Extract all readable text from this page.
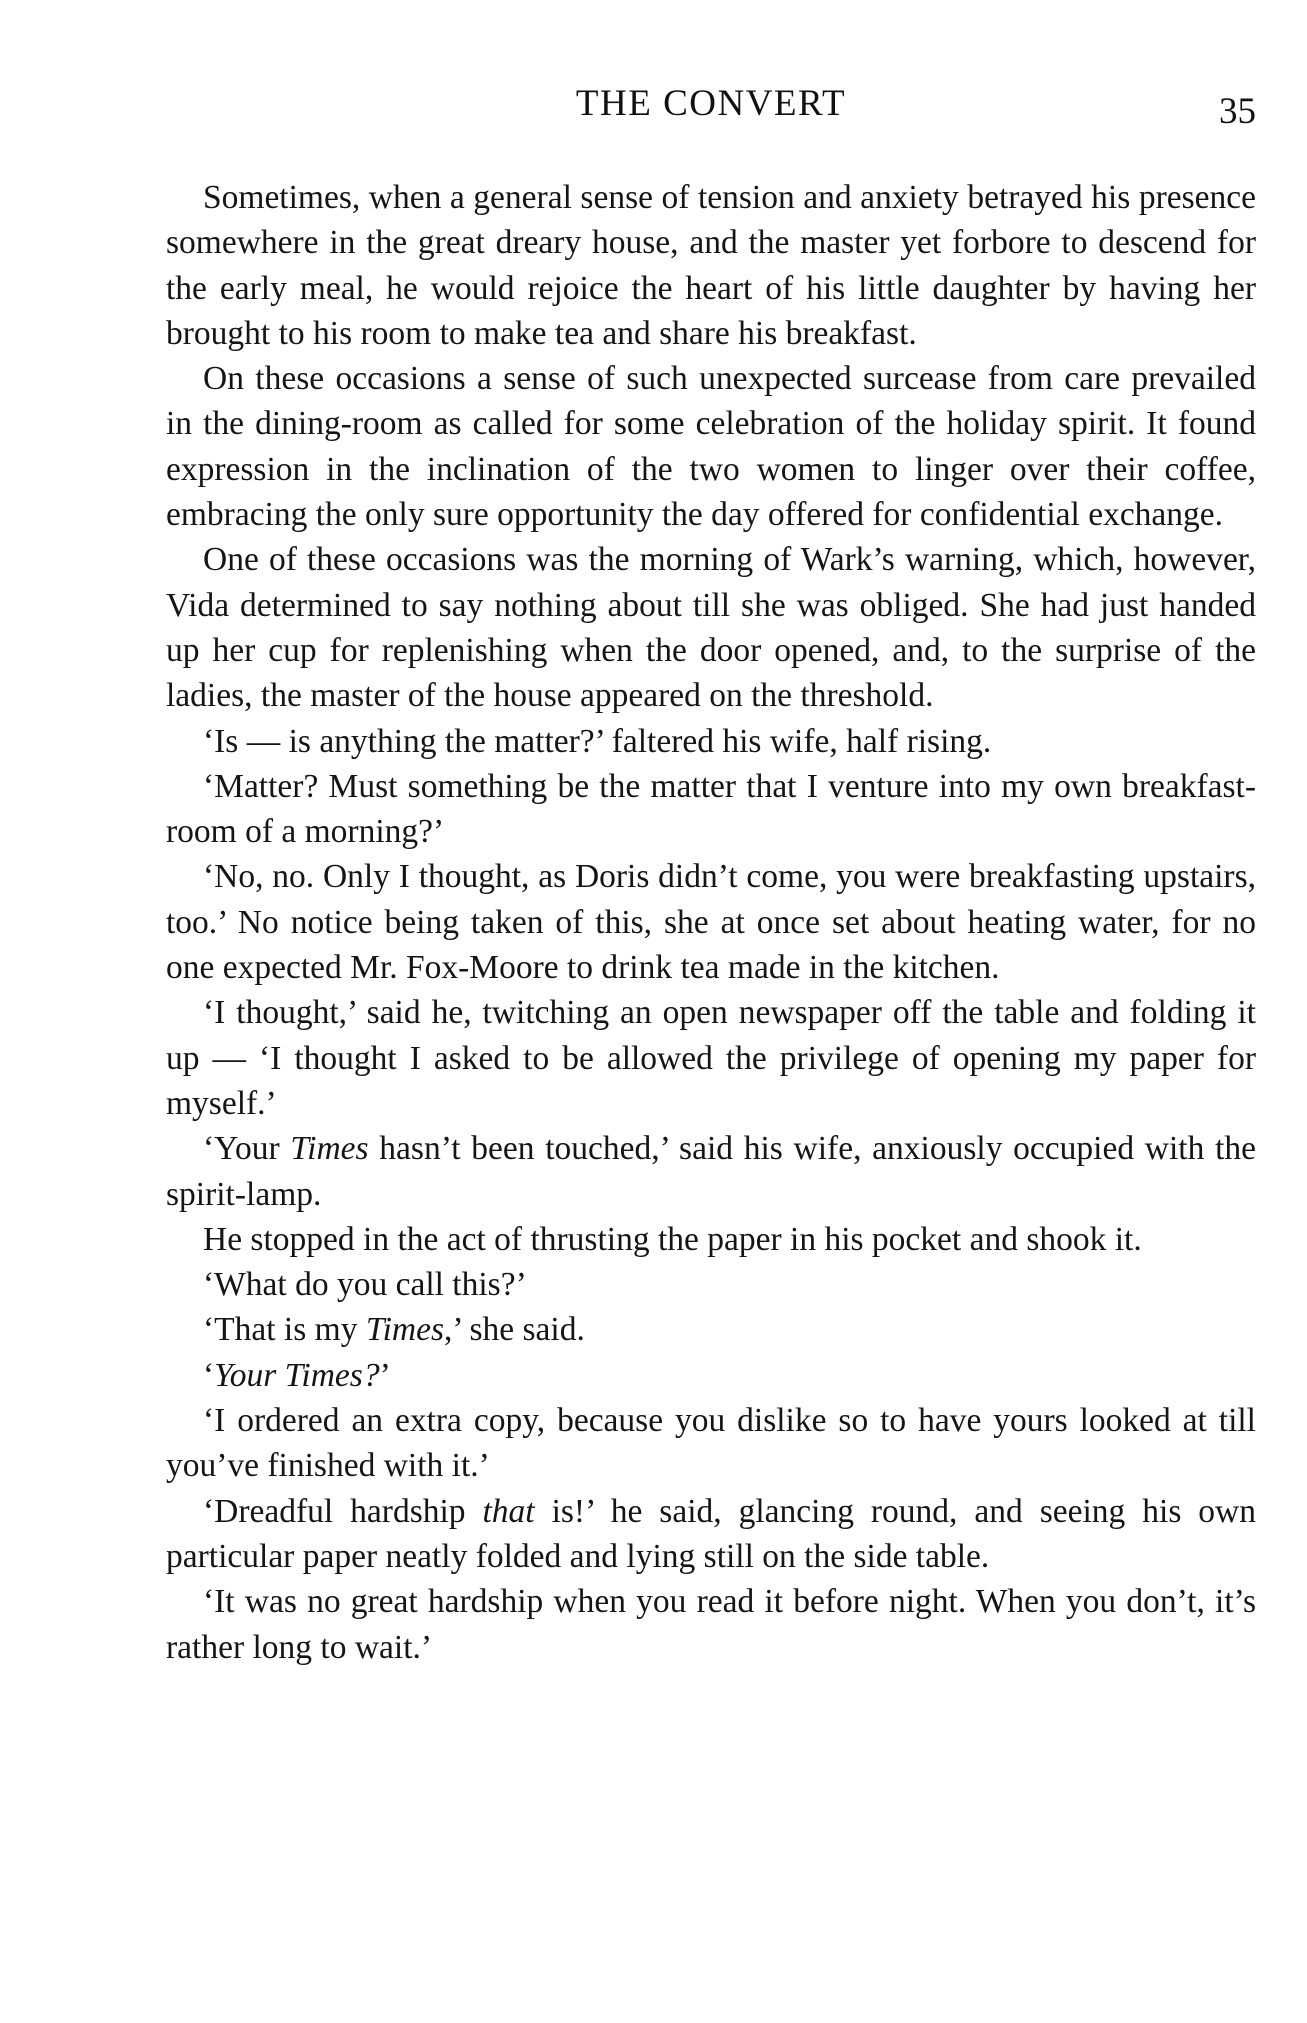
THE CONVERT	35

Sometimes, when a general sense of tension and anxiety betrayed his presence somewhere in the great dreary house, and the master yet forbore to descend for the early meal, he would rejoice the heart of his little daughter by having her brought to his room to make tea and share his breakfast.

On these occasions a sense of such unexpected surcease from care prevailed in the dining-room as called for some celebration of the holiday spirit. It found expression in the inclination of the two women to linger over their coffee, embracing the only sure opportunity the day offered for confidential exchange.

One of these occasions was the morning of Wark’s warning, which, however, Vida determined to say nothing about till she was obliged. She had just handed up her cup for replenishing when the door opened, and, to the surprise of the ladies, the master of the house appeared on the threshold.

‘Is — is anything the matter?’ faltered his wife, half rising.

‘Matter? Must something be the matter that I venture into my own breakfast-room of a morning?’

‘No, no. Only I thought, as Doris didn’t come, you were breakfasting upstairs, too.’ No notice being taken of this, she at once set about heating water, for no one expected Mr. Fox-Moore to drink tea made in the kitchen.

‘I thought,’ said he, twitching an open newspaper off the table and folding it up — ‘I thought I asked to be allowed the privilege of opening my paper for myself.’

‘Your Times hasn’t been touched,’ said his wife, anxiously occupied with the spirit-lamp.

He stopped in the act of thrusting the paper in his pocket and shook it.

‘What do you call this?’

‘That is my Times,’ she said.

‘Your Times?’

‘I ordered an extra copy, because you dislike so to have yours looked at till you’ve finished with it.’

‘Dreadful hardship that is!’ he said, glancing round, and seeing his own particular paper neatly folded and lying still on the side table.

‘It was no great hardship when you read it before night. When you don’t, it’s rather long to wait.’
